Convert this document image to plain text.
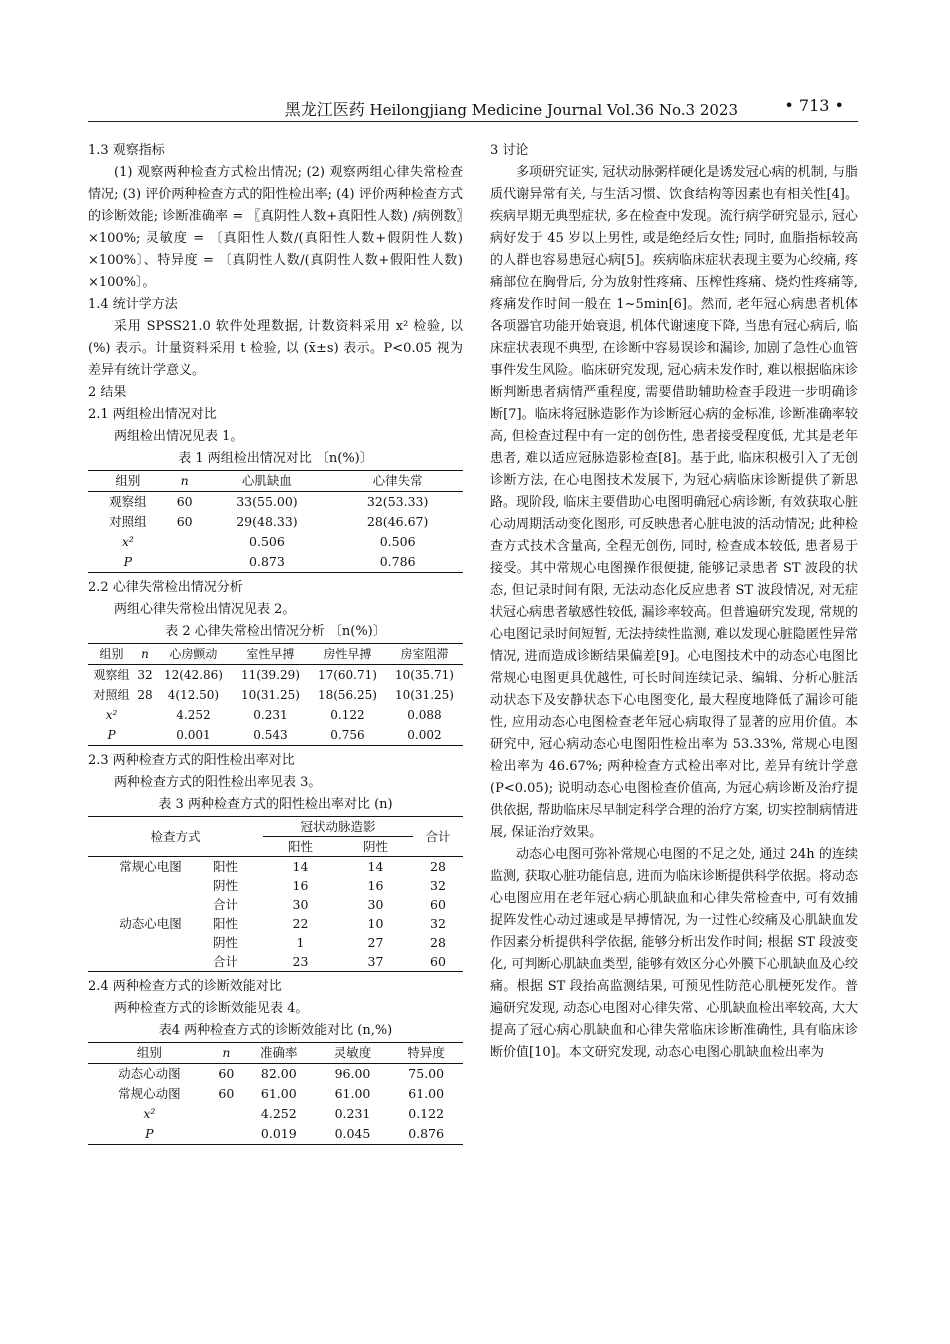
黑龙江医药 Heilongjiang Medicine Journal Vol.36 No.3 2023	• 713 •

1.3 观察指标

(1) 观察两种检查方式检出情况; (2) 观察两组心律失常检查情况; (3) 评价两种检查方式的阳性检出率; (4) 评价两种检查方式的诊断效能; 诊断准确率 = 〖真阴性人数+真阳性人数) /病例数〗×100%; 灵敏度 = 〔真阳性人数/(真阳性人数+假阴性人数) ×100%〕、特异度 = 〔真阴性人数/(真阴性人数+假阳性人数) ×100%〕。

1.4 统计学方法

采用 SPSS21.0 软件处理数据, 计数资料采用 x² 检验, 以(%) 表示。计量资料采用 t 检验, 以 (x̄±s) 表示。P<0.05 视为差异有统计学意义。

2 结果

2.1 两组检出情况对比

两组检出情况见表 1。

表 1 两组检出情况对比 〔n(%)〕

组别	n	心肌缺血	心律失常
观察组	60	33(55.00)	32(53.33)
对照组	60	29(48.33)	28(46.67)
x²		0.506	0.506
P		0.873	0.786

2.2 心律失常检出情况分析

两组心律失常检出情况见表 2。

表 2 心律失常检出情况分析 〔n(%)〕

组别	n	心房颤动	室性早搏	房性早搏	房室阻滞
观察组	32	12(42.86)	11(39.29)	17(60.71)	10(35.71)
对照组	28	4(12.50)	10(31.25)	18(56.25)	10(31.25)
x²		4.252	0.231	0.122	0.088
P		0.001	0.543	0.756	0.002

2.3 两种检查方式的阳性检出率对比

两种检查方式的阳性检出率见表 3。

表 3 两种检查方式的阳性检出率对比 (n)

检查方式		冠状动脉造影		合计
		阳性	阴性	
常规心电图	阳性	14	14	28
	阴性	16	16	32
	合计	30	30	60
动态心电图	阳性	22	10	32
	阴性	1	27	28
	合计	23	37	60

2.4 两种检查方式的诊断效能对比

两种检查方式的诊断效能见表 4。

表4 两种检查方式的诊断效能对比 (n,%)

组别	n	准确率	灵敏度	特异度
动态心动图	60	82.00	96.00	75.00
常规心动图	60	61.00	61.00	61.00
x²		4.252	0.231	0.122
P		0.019	0.045	0.876

3 讨论

多项研究证实, 冠状动脉粥样硬化是诱发冠心病的机制, 与脂质代谢异常有关, 与生活习惯、饮食结构等因素也有相关性[4]。疾病早期无典型症状, 多在检查中发现。流行病学研究显示, 冠心病好发于 45 岁以上男性, 或是绝经后女性; 同时, 血脂指标较高的人群也容易患冠心病[5]。疾病临床症状表现主要为心绞痛, 疼痛部位在胸骨后, 分为放射性疼痛、压榨性疼痛、烧灼性疼痛等, 疼痛发作时间一般在 1~5min[6]。然而, 老年冠心病患者机体各项器官功能开始衰退, 机体代谢速度下降, 当患有冠心病后, 临床症状表现不典型, 在诊断中容易误诊和漏诊, 加剧了急性心血管事件发生风险。临床研究发现, 冠心病未发作时, 难以根据临床诊断判断患者病情严重程度, 需要借助辅助检查手段进一步明确诊断[7]。临床将冠脉造影作为诊断冠心病的金标准, 诊断准确率较高, 但检查过程中有一定的创伤性, 患者接受程度低, 尤其是老年患者, 难以适应冠脉造影检查[8]。基于此, 临床积极引入了无创诊断方法, 在心电图技术发展下, 为冠心病临床诊断提供了新思路。现阶段, 临床主要借助心电图明确冠心病诊断, 有效获取心脏心动周期活动变化图形, 可反映患者心脏电波的活动情况; 此种检查方式技术含量高, 全程无创伤, 同时, 检查成本较低, 患者易于接受。其中常规心电图操作很便捷, 能够记录患者 ST 波段的状态, 但记录时间有限, 无法动态化反应患者 ST 波段情况, 对无症状冠心病患者敏感性较低, 漏诊率较高。但普遍研究发现, 常规的心电图记录时间短暂, 无法持续性监测, 难以发现心脏隐匿性异常情况, 进而造成诊断结果偏差[9]。心电图技术中的动态心电图比常规心电图更具优越性, 可长时间连续记录、编辑、分析心脏活动状态下及安静状态下心电图变化, 最大程度地降低了漏诊可能性, 应用动态心电图检查老年冠心病取得了显著的应用价值。本研究中, 冠心病动态心电图阳性检出率为 53.33%, 常规心电图检出率为 46.67%; 两种检查方式检出率对比, 差异有统计学意(P<0.05); 说明动态心电图检查价值高, 为冠心病诊断及治疗提供依据, 帮助临床尽早制定科学合理的治疗方案, 切实控制病情进展, 保证治疗效果。

动态心电图可弥补常规心电图的不足之处, 通过 24h 的连续监测, 获取心脏功能信息, 进而为临床诊断提供科学依据。将动态心电图应用在老年冠心病心肌缺血和心律失常检查中, 可有效捕捉阵发性心动过速或是早搏情况, 为一过性心绞痛及心肌缺血发作因素分析提供科学依据, 能够分析出发作时间; 根据 ST 段波变化, 可判断心肌缺血类型, 能够有效区分心外膜下心肌缺血及心绞痛。根据 ST 段抬高监测结果, 可预见性防范心肌梗死发作。普遍研究发现, 动态心电图对心律失常、心肌缺血检出率较高, 大大提高了冠心病心肌缺血和心律失常临床诊断准确性, 具有临床诊断价值[10]。本文研究发现, 动态心电图心肌缺血检出率为
